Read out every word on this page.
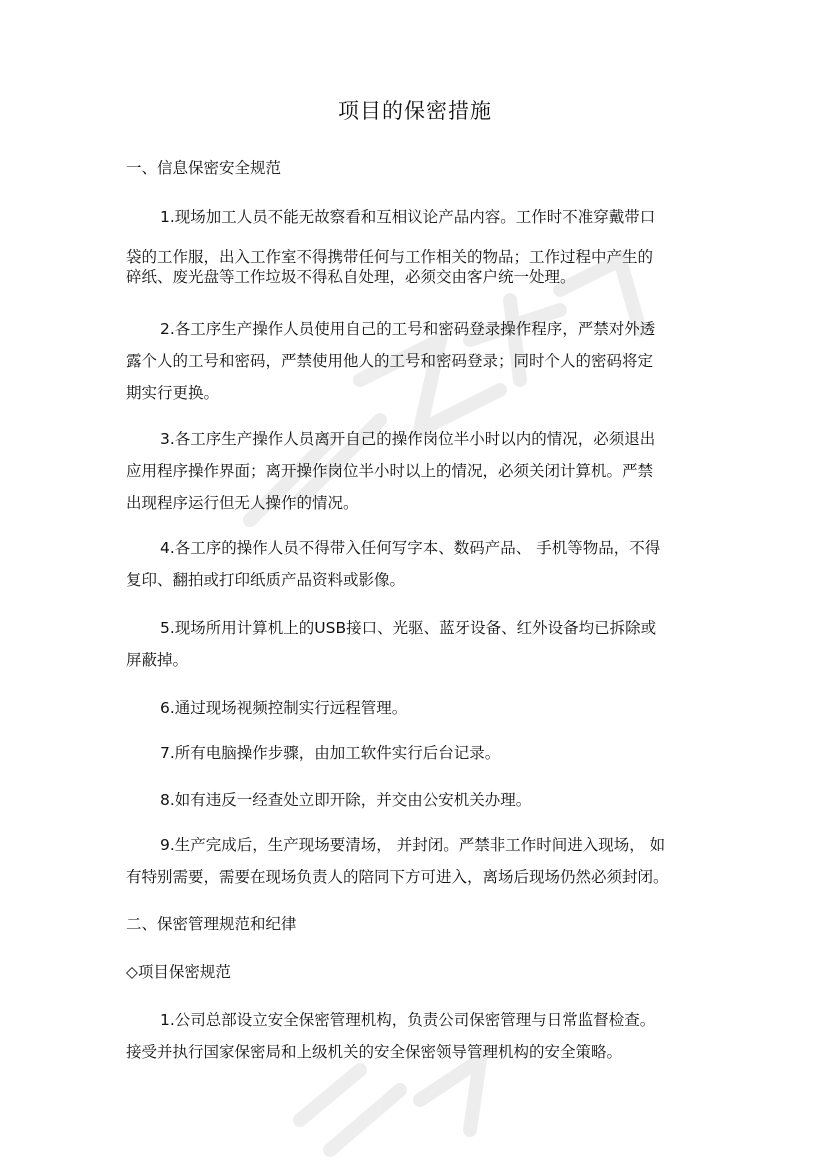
项目的保密措施
一、信息保密安全规范
1.现场加工人员不能无故察看和互相议论产品内容。工作时不准穿戴带口
袋的工作服，出入工作室不得携带任何与工作相关的物品；工作过程中产生的
碎纸、废光盘等工作垃圾不得私自处理，必须交由客户统一处理。
2.各工序生产操作人员使用自己的工号和密码登录操作程序，严禁对外透
露个人的工号和密码，严禁使用他人的工号和密码登录；同时个人的密码将定
期实行更换。
3.各工序生产操作人员离开自己的操作岗位半小时以内的情况，必须退出
应用程序操作界面；离开操作岗位半小时以上的情况，必须关闭计算机。严禁
出现程序运行但无人操作的情况。
4.各工序的操作人员不得带入任何写字本、数码产品、 手机等物品，不得
复印、翻拍或打印纸质产品资料或影像。
5.现场所用计算机上的USB接口、光驱、蓝牙设备、红外设备均已拆除或
屏蔽掉。
6.通过现场视频控制实行远程管理。
7.所有电脑操作步骤，由加工软件实行后台记录。
8.如有违反一经查处立即开除，并交由公安机关办理。
9.生产完成后，生产现场要清场， 并封闭。严禁非工作时间进入现场， 如
有特别需要，需要在现场负责人的陪同下方可进入，离场后现场仍然必须封闭。
二、保密管理规范和纪律
◇项目保密规范
1.公司总部设立安全保密管理机构，负责公司保密管理与日常监督检查。
接受并执行国家保密局和上级机关的安全保密领导管理机构的安全策略。
